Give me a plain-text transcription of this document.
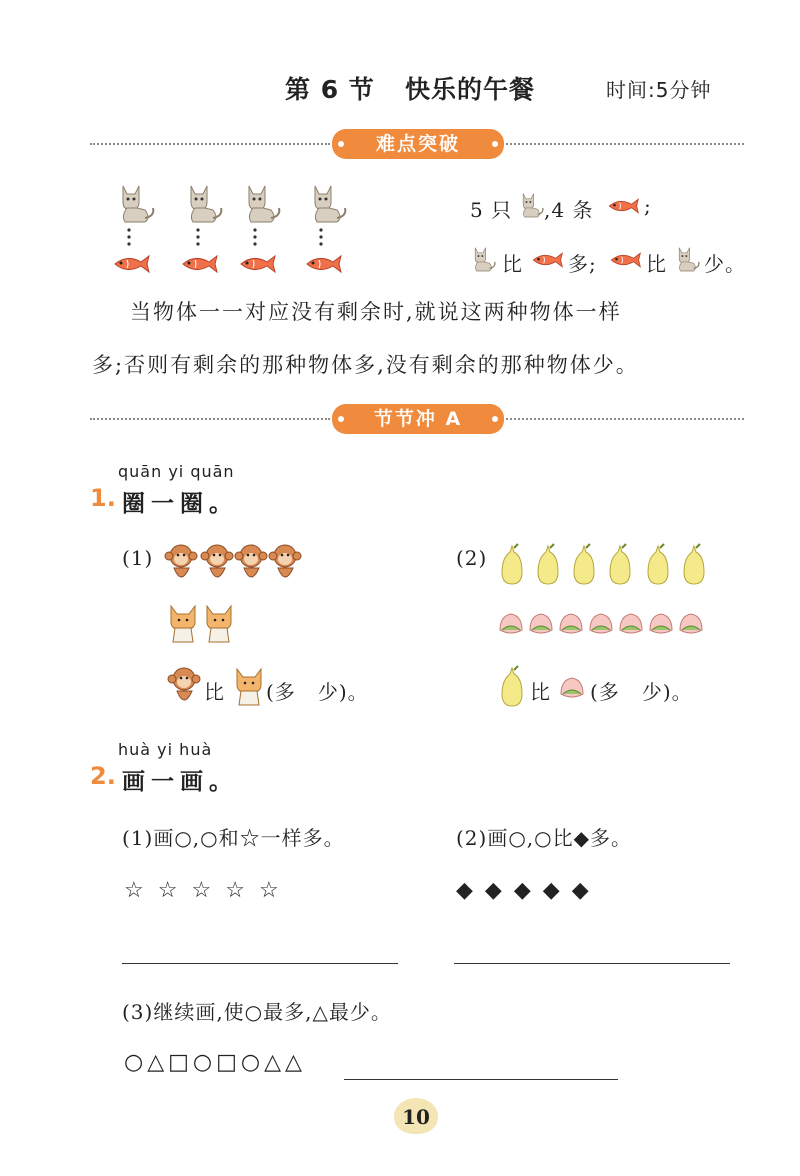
第 6 节 快乐的午餐	时间:5分钟
难点突破
5 只 ,4 条	;
比 多; 比 少。
当物体一一对应没有剩余时,就说这两种物体一样
多;否则有剩余的那种物体多,没有剩余的那种物体少。
节节冲 A
quān yi quān
1. 圈一圈。
(1)
比 (多   少)。
(2)
比 (多   少)。
huà yi huà
2. 画一画。
(1)画○,○和☆一样多。	(2)画○,○比◆多。
☆ ☆ ☆ ☆ ☆	◆ ◆ ◆ ◆ ◆
(3)继续画,使○最多,△最少。
○ △ □ ○ □ ○ △ △
10
